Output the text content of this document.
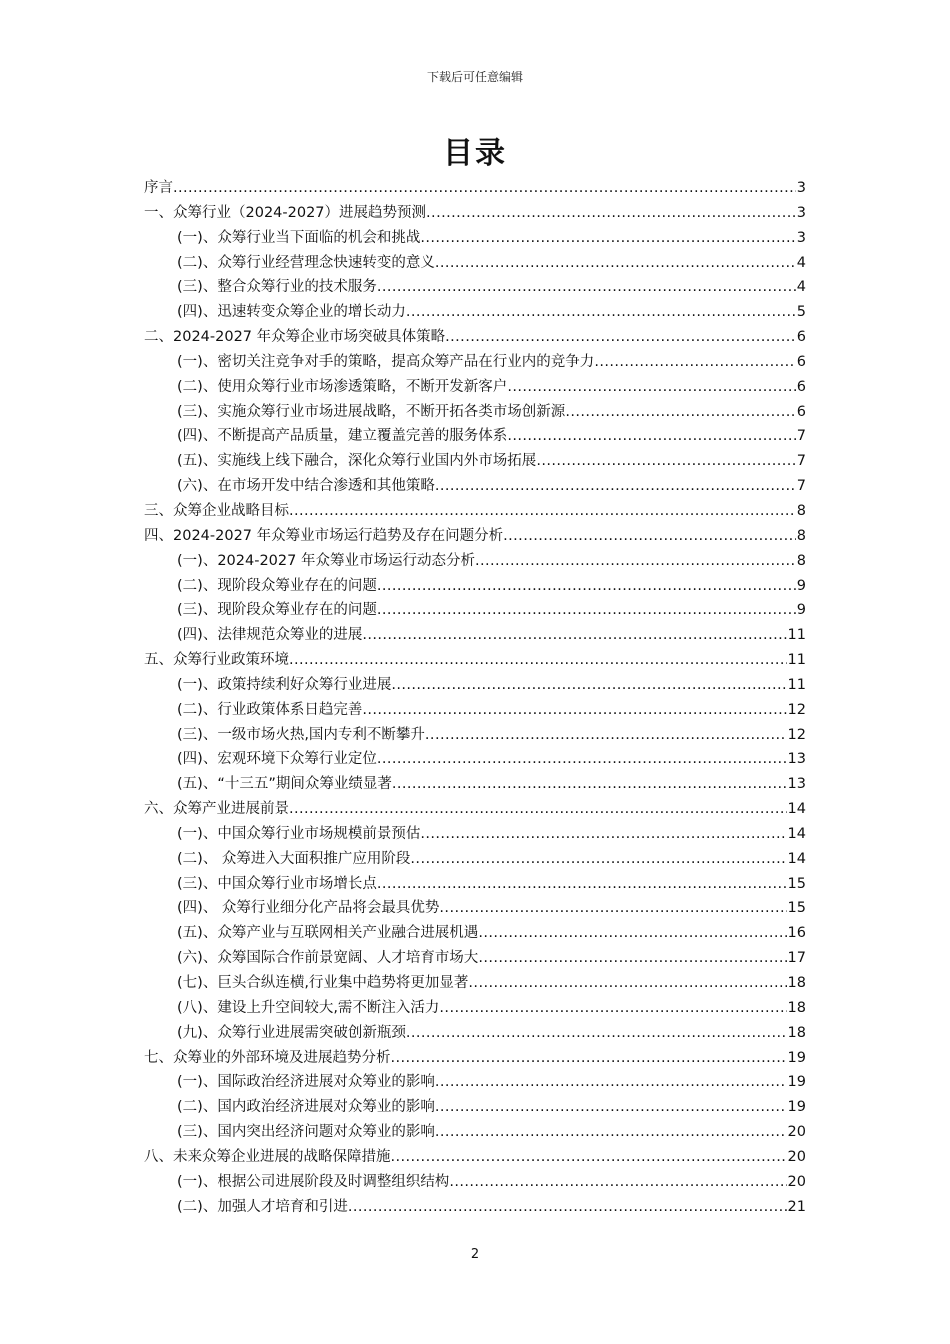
下载后可任意编辑
目录
序言 .....	3
一、众筹行业（2024-2027）进展趋势预测 .....	3
(一)、众筹行业当下面临的机会和挑战 .....	3
(二)、众筹行业经营理念快速转变的意义 .....	4
(三)、整合众筹行业的技术服务 .....	4
(四)、迅速转变众筹企业的增长动力 .....	5
二、2024-2027 年众筹企业市场突破具体策略 .....	6
(一)、密切关注竞争对手的策略，提高众筹产品在行业内的竞争力 .....	6
(二)、使用众筹行业市场渗透策略，不断开发新客户 .....	6
(三)、实施众筹行业市场进展战略，不断开拓各类市场创新源 .....	6
(四)、不断提高产品质量，建立覆盖完善的服务体系 .....	7
(五)、实施线上线下融合，深化众筹行业国内外市场拓展 .....	7
(六)、在市场开发中结合渗透和其他策略 .....	7
三、众筹企业战略目标 .....	8
四、2024-2027 年众筹业市场运行趋势及存在问题分析 .....	8
(一)、2024-2027 年众筹业市场运行动态分析 .....	8
(二)、现阶段众筹业存在的问题 .....	9
(三)、现阶段众筹业存在的问题 .....	9
(四)、法律规范众筹业的进展 .....	11
五、众筹行业政策环境 .....	11
(一)、政策持续利好众筹行业进展 .....	11
(二)、行业政策体系日趋完善 .....	12
(三)、一级市场火热,国内专利不断攀升 .....	12
(四)、宏观环境下众筹行业定位 .....	13
(五)、“十三五”期间众筹业绩显著 .....	13
六、众筹产业进展前景 .....	14
(一)、中国众筹行业市场规模前景预估 .....	14
(二)、 众筹进入大面积推广应用阶段 .....	14
(三)、中国众筹行业市场增长点 .....	15
(四)、 众筹行业细分化产品将会最具优势 .....	15
(五)、众筹产业与互联网相关产业融合进展机遇 .....	16
(六)、众筹国际合作前景宽阔、人才培育市场大 .....	17
(七)、巨头合纵连横,行业集中趋势将更加显著 .....	18
(八)、建设上升空间较大,需不断注入活力 .....	18
(九)、众筹行业进展需突破创新瓶颈 .....	18
七、众筹业的外部环境及进展趋势分析 .....	19
(一)、国际政治经济进展对众筹业的影响 .....	19
(二)、国内政治经济进展对众筹业的影响 .....	19
(三)、国内突出经济问题对众筹业的影响 .....	20
八、未来众筹企业进展的战略保障措施 .....	20
(一)、根据公司进展阶段及时调整组织结构 .....	20
(二)、加强人才培育和引进 .....	21
2
